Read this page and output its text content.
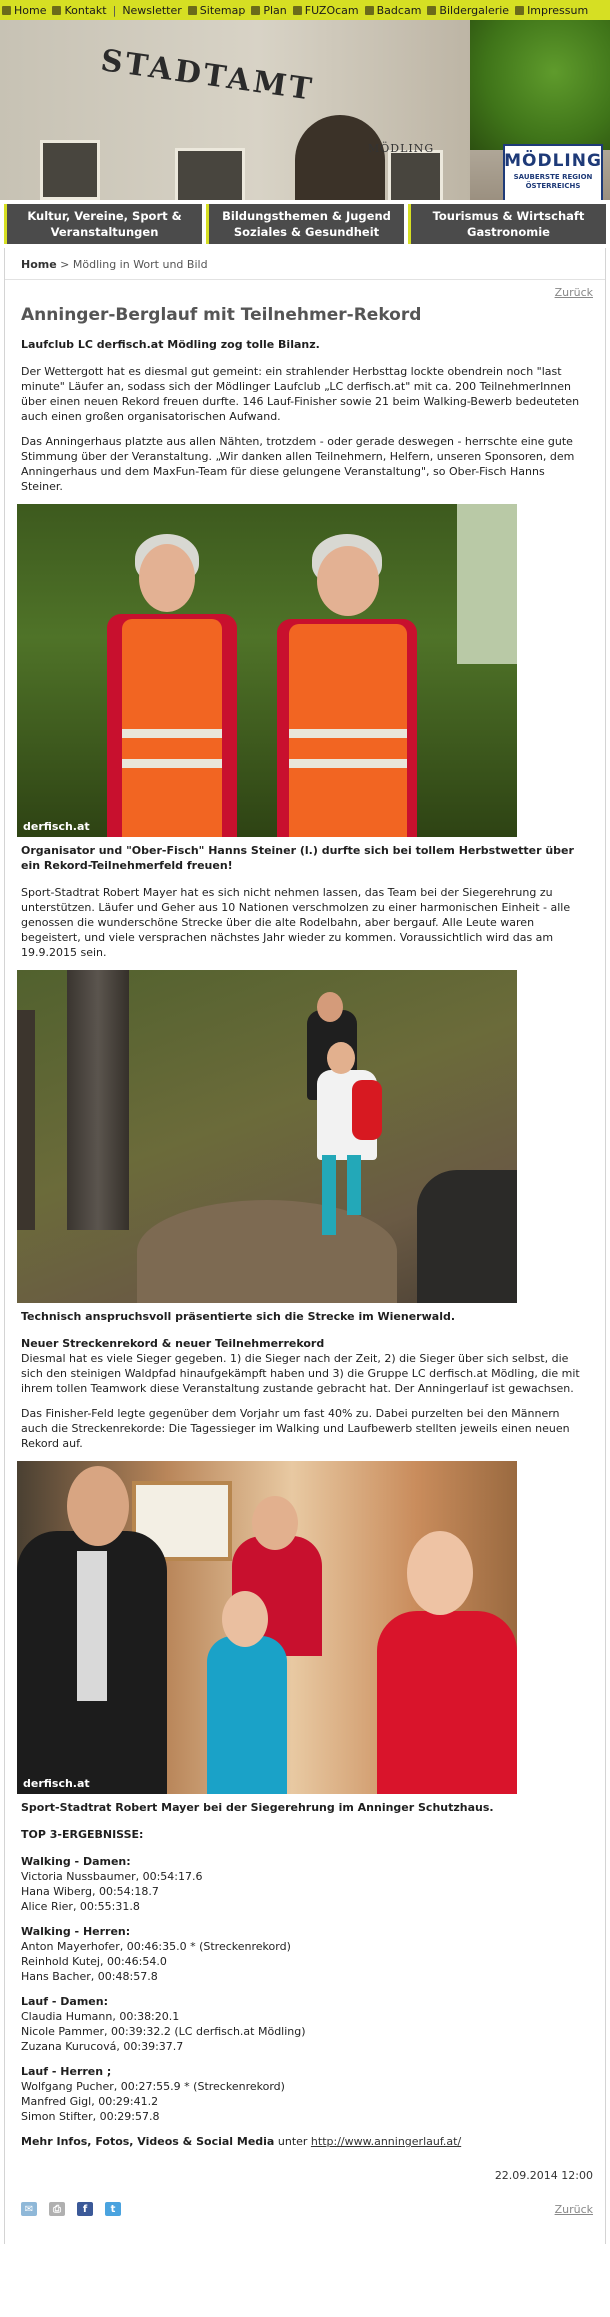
Home Kontakt | Newsletter Sitemap Plan FUZOcam Badcam Bildergalerie Impressum
STADTAMT
MÖDLING
MÖDLING
SAUBERSTE REGION
ÖSTERREICHS
Kultur, Vereine, Sport &
Veranstaltungen
Bildungsthemen & Jugend
Soziales & Gesundheit
Tourismus & Wirtschaft
Gastronomie
Home > Mödling in Wort und Bild
Zurück
Anninger-Berglauf mit Teilnehmer-Rekord

Laufclub LC derfisch.at Mödling zog tolle Bilanz.

Der Wettergott hat es diesmal gut gemeint: ein strahlender Herbsttag lockte obendrein noch "last minute" Läufer an, sodass sich der Mödlinger Laufclub „LC derfisch.at" mit ca. 200 TeilnehmerInnen über einen neuen Rekord freuen durfte. 146 Lauf-Finisher sowie 21 beim Walking-Bewerb bedeuteten auch einen großen organisatorischen Aufwand.

Das Anningerhaus platzte aus allen Nähten, trotzdem - oder gerade deswegen - herrschte eine gute Stimmung über der Veranstaltung. „Wir danken allen Teilnehmern, Helfern, unseren Sponsoren, dem Anningerhaus und dem MaxFun-Team für diese gelungene Veranstaltung", so Ober-Fisch Hanns Steiner.

derfisch.at

Organisator und "Ober-Fisch" Hanns Steiner (l.) durfte sich bei tollem Herbstwetter über ein Rekord-Teilnehmerfeld freuen!

Sport-Stadtrat Robert Mayer hat es sich nicht nehmen lassen, das Team bei der Siegerehrung zu unterstützen. Läufer und Geher aus 10 Nationen verschmolzen zu einer harmonischen Einheit - alle genossen die wunderschöne Strecke über die alte Rodelbahn, aber bergauf. Alle Leute waren begeistert, und viele versprachen nächstes Jahr wieder zu kommen. Voraussichtlich wird das am 19.9.2015 sein.

Technisch anspruchsvoll präsentierte sich die Strecke im Wienerwald.

Neuer Streckenrekord & neuer Teilnehmerrekord

Diesmal hat es viele Sieger gegeben. 1) die Sieger nach der Zeit, 2) die Sieger über sich selbst, die sich den steinigen Waldpfad hinaufgekämpft haben und 3) die Gruppe LC derfisch.at Mödling, die mit ihrem tollen Teamwork diese Veranstaltung zustande gebracht hat. Der Anningerlauf ist gewachsen.

Das Finisher-Feld legte gegenüber dem Vorjahr um fast 40% zu. Dabei purzelten bei den Männern auch die Streckenrekorde: Die Tagessieger im Walking und Laufbewerb stellten jeweils einen neuen Rekord auf.

derfisch.at

Sport-Stadtrat Robert Mayer bei der Siegerehrung im Anninger Schutzhaus.

TOP 3-ERGEBNISSE:

Walking - Damen:
Victoria Nussbaumer, 00:54:17.6
Hana Wiberg, 00:54:18.7
Alice Rier, 00:55:31.8
Walking - Herren:
Anton Mayerhofer, 00:46:35.0 * (Streckenrekord)
Reinhold Kutej, 00:46:54.0
Hans Bacher, 00:48:57.8
Lauf - Damen:
Claudia Humann, 00:38:20.1
Nicole Pammer, 00:39:32.2 (LC derfisch.at Mödling)
Zuzana Kurucová, 00:39:37.7
Lauf - Herren ;
Wolfgang Pucher, 00:27:55.9 * (Streckenrekord)
Manfred Gigl, 00:29:41.2
Simon Stifter, 00:29:57.8

Mehr Infos, Fotos, Videos & Social Media unter http://www.anningerlauf.at/

22.09.2014 12:00
✉	⎙	f	t	Zurück
